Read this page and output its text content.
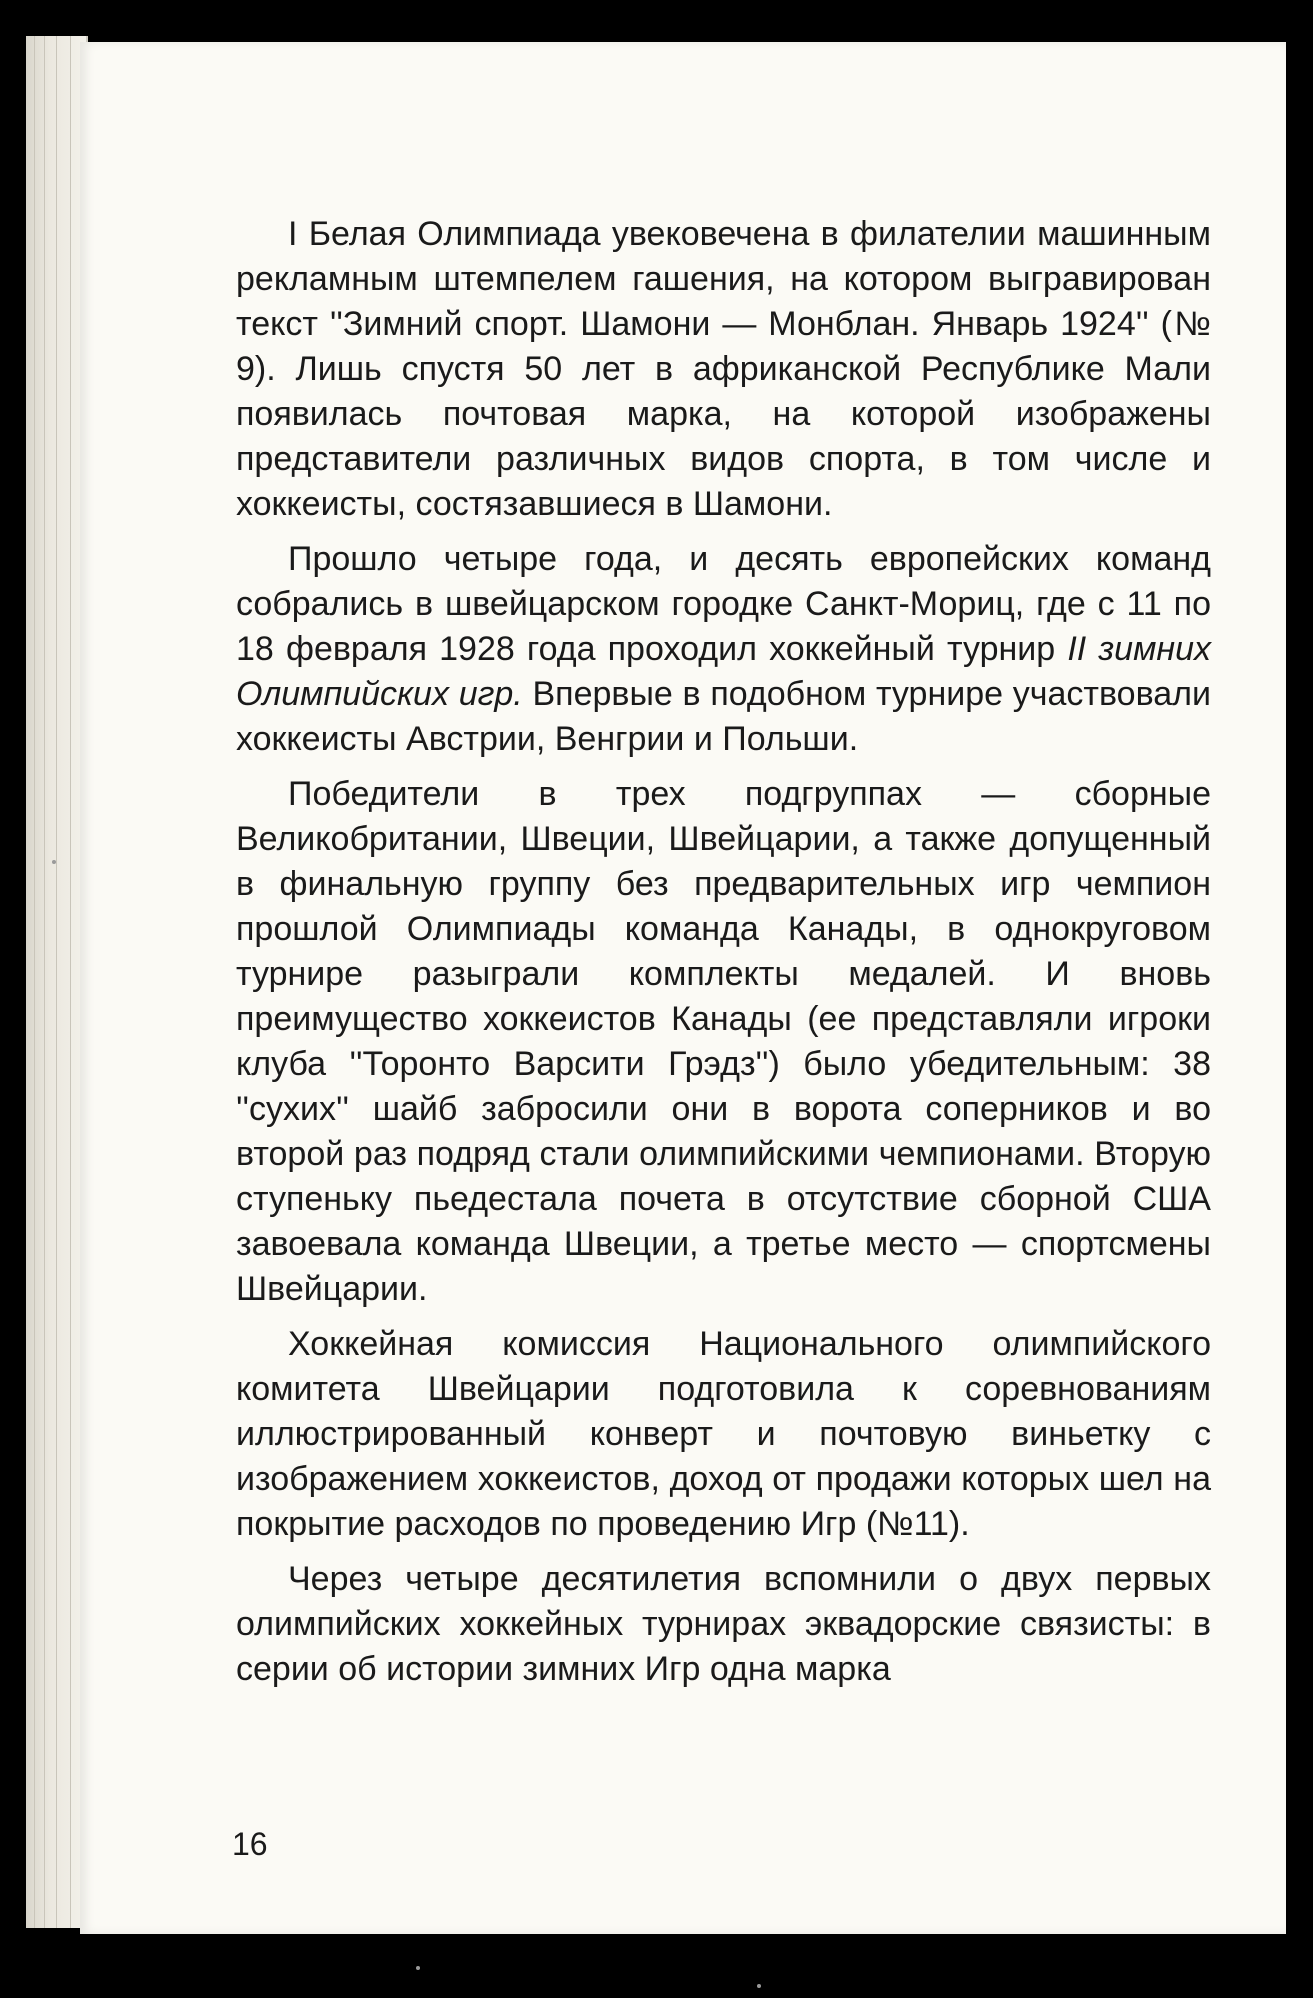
I Белая Олимпиада увековечена в филателии машинным рекламным штемпелем гашения, на котором выгравирован текст ''Зимний спорт. Шамони — Монблан. Январь 1924'' (№ 9). Лишь спустя 50 лет в африканской Республике Мали появилась почтовая марка, на которой изображены представители различных видов спорта, в том числе и хоккеисты, состязавшиеся в Шамони.

Прошло четыре года, и десять европейских команд собрались в швейцарском городке Санкт-Мориц, где с 11 по 18 февраля 1928 года проходил хоккейный турнир II зимних Олимпийских игр. Впервые в подобном турнире участвовали хоккеисты Австрии, Венгрии и Польши.

Победители в трех подгруппах — сборные Великобритании, Швеции, Швейцарии, а также допущенный в финальную группу без предварительных игр чемпион прошлой Олимпиады команда Канады, в однокруговом турнире разыграли комплекты медалей. И вновь преимущество хоккеистов Канады (ее представляли игроки клуба ''Торонто Варсити Грэдз'') было убедительным: 38 ''сухих'' шайб забросили они в ворота соперников и во второй раз подряд стали олимпийскими чемпионами. Вторую ступеньку пьедестала почета в отсутствие сборной США завоевала команда Швеции, а третье место — спортсмены Швейцарии.

Хоккейная комиссия Национального олимпийского комитета Швейцарии подготовила к соревнованиям иллюстрированный конверт и почтовую виньетку с изображением хоккеистов, доход от продажи которых шел на покрытие расходов по проведению Игр (№11).

Через четыре десятилетия вспомнили о двух первых олимпийских хоккейных турнирах эквадорские связисты: в серии об истории зимних Игр одна марка

16
